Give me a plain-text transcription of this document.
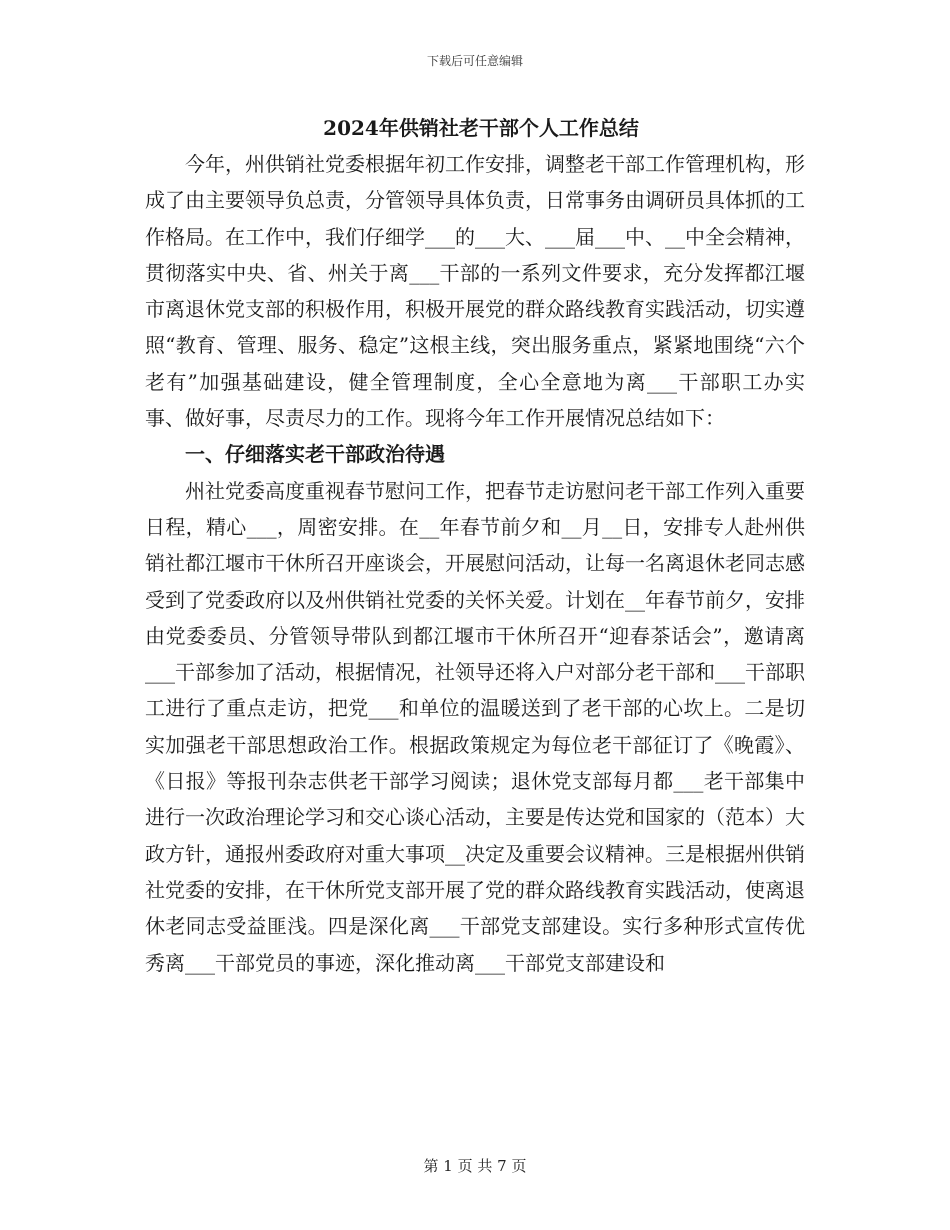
下载后可任意编辑
2024年供销社老干部个人工作总结

今年，州供销社党委根据年初工作安排，调整老干部工作管理机构，形成了由主要领导负总责，分管领导具体负责，日常事务由调研员具体抓的工作格局。在工作中，我们仔细学___的___大、___届___中、__中全会精神，贯彻落实中央、省、州关于离___干部的一系列文件要求，充分发挥都江堰市离退休党支部的积极作用，积极开展党的群众路线教育实践活动，切实遵照“教育、管理、服务、稳定”这根主线，突出服务重点，紧紧地围绕“六个老有”加强基础建设，健全管理制度，全心全意地为离___干部职工办实事、做好事，尽责尽力的工作。现将今年工作开展情况总结如下：

一、仔细落实老干部政治待遇

州社党委高度重视春节慰问工作，把春节走访慰问老干部工作列入重要日程，精心___，周密安排。在__年春节前夕和__月__日，安排专人赴州供销社都江堰市干休所召开座谈会，开展慰问活动，让每一名离退休老同志感受到了党委政府以及州供销社党委的关怀关爱。计划在__年春节前夕，安排由党委委员、分管领导带队到都江堰市干休所召开“迎春茶话会”，邀请离___干部参加了活动，根据情况，社领导还将入户对部分老干部和___干部职工进行了重点走访，把党___和单位的温暖送到了老干部的心坎上。二是切实加强老干部思想政治工作。根据政策规定为每位老干部征订了《晚霞》、《日报》等报刊杂志供老干部学习阅读；退休党支部每月都___老干部集中进行一次政治理论学习和交心谈心活动，主要是传达党和国家的（范本）大政方针，通报州委政府对重大事项__决定及重要会议精神。三是根据州供销社党委的安排，在干休所党支部开展了党的群众路线教育实践活动，使离退休老同志受益匪浅。四是深化离___干部党支部建设。实行多种形式宣传优秀离___干部党员的事迹，深化推动离___干部党支部建设和

第 1 页 共 7 页
